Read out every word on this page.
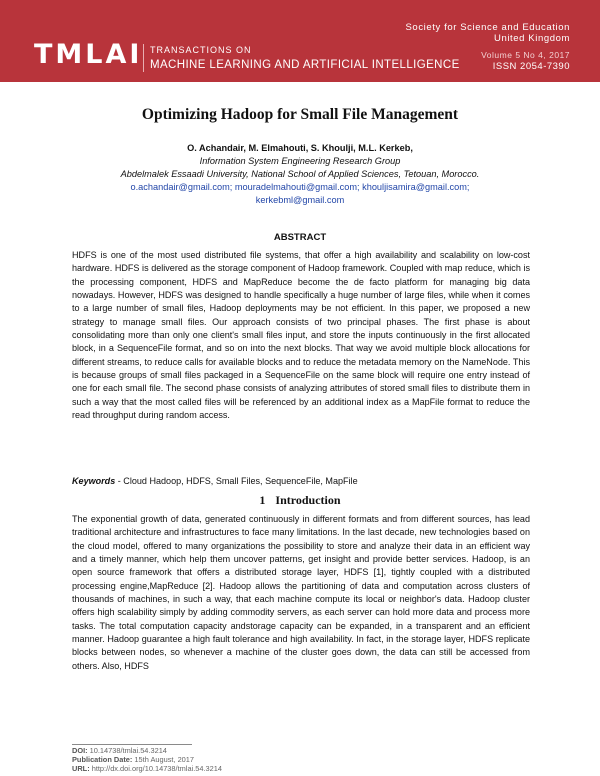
TMLAI TRANSACTIONS ON
MACHINE LEARNING AND ARTIFICIAL INTELLIGENCE
Society for Science and Education
United Kingdom
Volume 5 No 4, 2017
ISSN 2054-7390
Optimizing Hadoop for Small File Management
O. Achandair, M. Elmahouti, S. Khoulji, M.L. Kerkeb,
Information System Engineering Research Group
Abdelmalek Essaadi University, National School of Applied Sciences, Tetouan, Morocco.
o.achandair@gmail.com; mouradelmahouti@gmail.com; khouljisamira@gmail.com;
kerkebml@gmail.com
ABSTRACT

HDFS is one of the most used distributed file systems, that offer a high availability and scalability on low-cost hardware. HDFS is delivered as the storage component of Hadoop framework. Coupled with map reduce, which is the processing component, HDFS and MapReduce become the de facto platform for managing big data nowadays. However, HDFS was designed to handle specifically a huge number of large files, while when it comes to a large number of small files, Hadoop deployments may be not efficient. In this paper, we proposed a new strategy to manage small files. Our approach consists of two principal phases. The first phase is about consolidating more than only one client's small files input, and store the inputs continuously in the first allocated block, in a SequenceFile format, and so on into the next blocks. That way we avoid multiple block allocations for different streams, to reduce calls for available blocks and to reduce the metadata memory on the NameNode. This is because groups of small files packaged in a SequenceFile on the same block will require one entry instead of one for each small file. The second phase consists of analyzing attributes of stored small files to distribute them in such a way that the most called files will be referenced by an additional index as a MapFile format to reduce the read throughput during random access.

Keywords - Cloud Hadoop, HDFS, Small Files, SequenceFile, MapFile

1 Introduction

The exponential growth of data, generated continuously in different formats and from different sources, has lead traditional architecture and infrastructures to face many limitations. In the last decade, new technologies based on the cloud model, offered to many organizations the possibility to store and analyze their data in an efficient way and a timely manner, which help them uncover patterns, get insight and provide better services. Hadoop, is an open source framework that offers a distributed storage layer, HDFS [1], tightly coupled with a distributed processing engine,MapReduce [2]. Hadoop allows the partitioning of data and computation across clusters of thousands of machines, in such a way, that each machine compute its local or neighbor's data. Hadoop cluster offers high scalability simply by adding commodity servers, as each server can hold more data and process more tasks. The total computation capacity andstorage capacity can be expanded, in a transparent and an efficient manner. Hadoop guarantee a high fault tolerance and high availability. In fact, in the storage layer, HDFS replicate blocks between nodes, so whenever a machine of the cluster goes down, the data can still be accessed from others. Also, HDFS

DOI: 10.14738/tmlai.54.3214
Publication Date: 15th August, 2017
URL: http://dx.doi.org/10.14738/tmlai.54.3214
